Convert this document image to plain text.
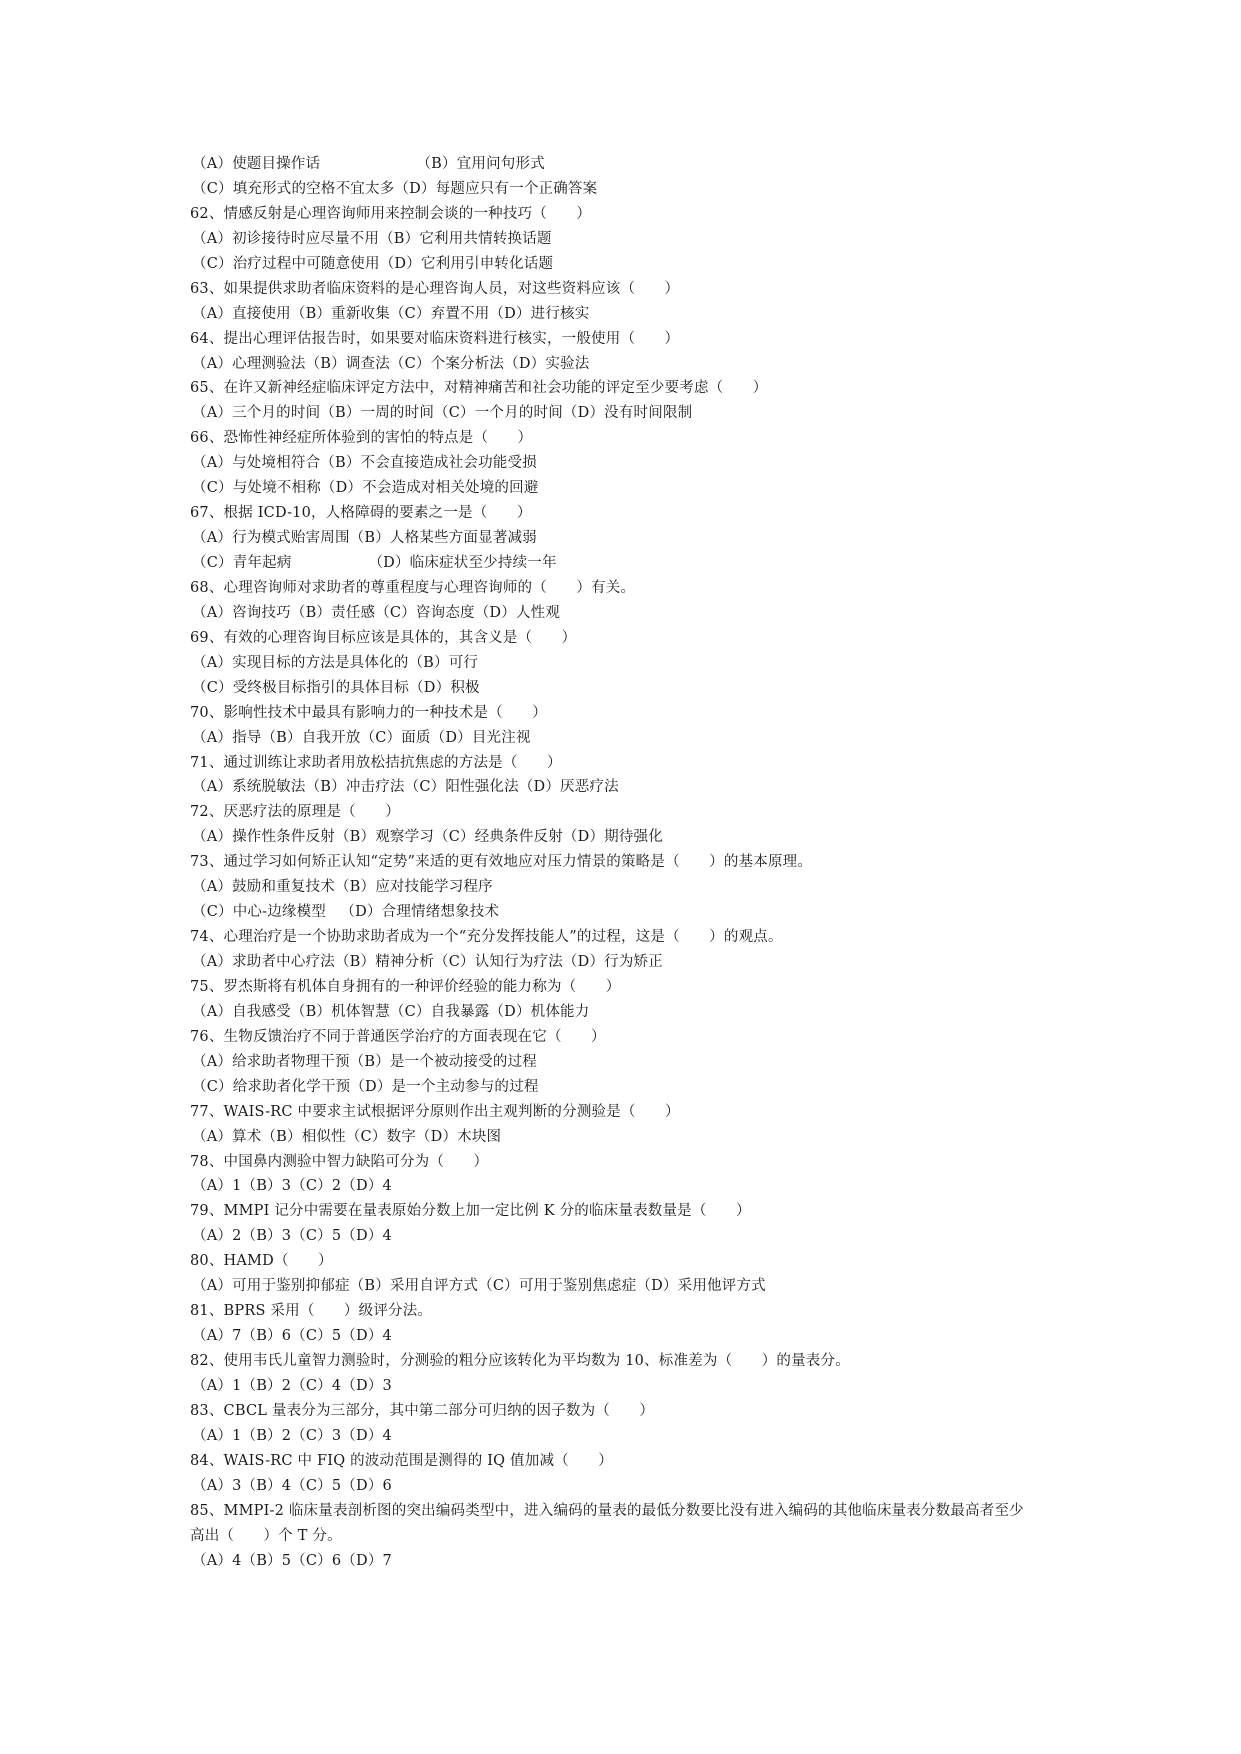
（A）使题目操作话                    （B）宜用问句形式

（C）填充形式的空格不宜太多（D）每题应只有一个正确答案

62、情感反射是心理咨询师用来控制会谈的一种技巧（　　）

（A）初诊接待时应尽量不用（B）它利用共情转换话题

（C）治疗过程中可随意使用（D）它利用引申转化话题

63、如果提供求助者临床资料的是心理咨询人员，对这些资料应该（　　）

（A）直接使用（B）重新收集（C）弃置不用（D）进行核实

64、提出心理评估报告时，如果要对临床资料进行核实，一般使用（　　）

（A）心理测验法（B）调查法（C）个案分析法（D）实验法

65、在许又新神经症临床评定方法中，对精神痛苦和社会功能的评定至少要考虑（　　）

（A）三个月的时间（B）一周的时间（C）一个月的时间（D）没有时间限制

66、恐怖性神经症所体验到的害怕的特点是（　　）

（A）与处境相符合（B）不会直接造成社会功能受损

（C）与处境不相称（D）不会造成对相关处境的回避

67、根据 ICD-10，人格障碍的要素之一是（　　）

（A）行为模式贻害周围（B）人格某些方面显著减弱

（C）青年起病                （D）临床症状至少持续一年

68、心理咨询师对求助者的尊重程度与心理咨询师的（　　）有关。

（A）咨询技巧（B）责任感（C）咨询态度（D）人性观

69、有效的心理咨询目标应该是具体的，其含义是（　　）

（A）实现目标的方法是具体化的（B）可行

（C）受终极目标指引的具体目标（D）积极

70、影响性技术中最具有影响力的一种技术是（　　）

（A）指导（B）自我开放（C）面质（D）目光注视

71、通过训练让求助者用放松拮抗焦虑的方法是（　　）

（A）系统脱敏法（B）冲击疗法（C）阳性强化法（D）厌恶疗法

72、厌恶疗法的原理是（　　）

（A）操作性条件反射（B）观察学习（C）经典条件反射（D）期待强化

73、通过学习如何矫正认知“定势”来适的更有效地应对压力情景的策略是（　　）的基本原理。

（A）鼓励和重复技术（B）应对技能学习程序

（C）中心-边缘模型   （D）合理情绪想象技术

74、心理治疗是一个协助求助者成为一个“充分发挥技能人”的过程，这是（　　）的观点。

（A）求助者中心疗法（B）精神分析（C）认知行为疗法（D）行为矫正

75、罗杰斯将有机体自身拥有的一种评价经验的能力称为（　　）

（A）自我感受（B）机体智慧（C）自我暴露（D）机体能力

76、生物反馈治疗不同于普通医学治疗的方面表现在它（　　）

（A）给求助者物理干预（B）是一个被动接受的过程

（C）给求助者化学干预（D）是一个主动参与的过程

77、WAIS-RC 中要求主试根据评分原则作出主观判断的分测验是（　　）

（A）算术（B）相似性（C）数字（D）木块图

78、中国鼻内测验中智力缺陷可分为（　　）

（A）1（B）3（C）2（D）4

79、MMPI 记分中需要在量表原始分数上加一定比例 K 分的临床量表数量是（　　）

（A）2（B）3（C）5（D）4

80、HAMD（　　）

（A）可用于鉴别抑郁症（B）采用自评方式（C）可用于鉴别焦虑症（D）采用他评方式

81、BPRS 采用（　　）级评分法。

（A）7（B）6（C）5（D）4

82、使用韦氏儿童智力测验时，分测验的粗分应该转化为平均数为 10、标准差为（　　）的量表分。

（A）1（B）2（C）4（D）3

83、CBCL 量表分为三部分，其中第二部分可归纳的因子数为（　　）

（A）1（B）2（C）3（D）4

84、WAIS-RC 中 FIQ 的波动范围是测得的 IQ 值加减（　　）

（A）3（B）4（C）5（D）6

85、MMPI-2 临床量表剖析图的突出编码类型中，进入编码的量表的最低分数要比没有进入编码的其他临床量表分数最高者至少

高出（　　）个 T 分。

（A）4（B）5（C）6（D）7
